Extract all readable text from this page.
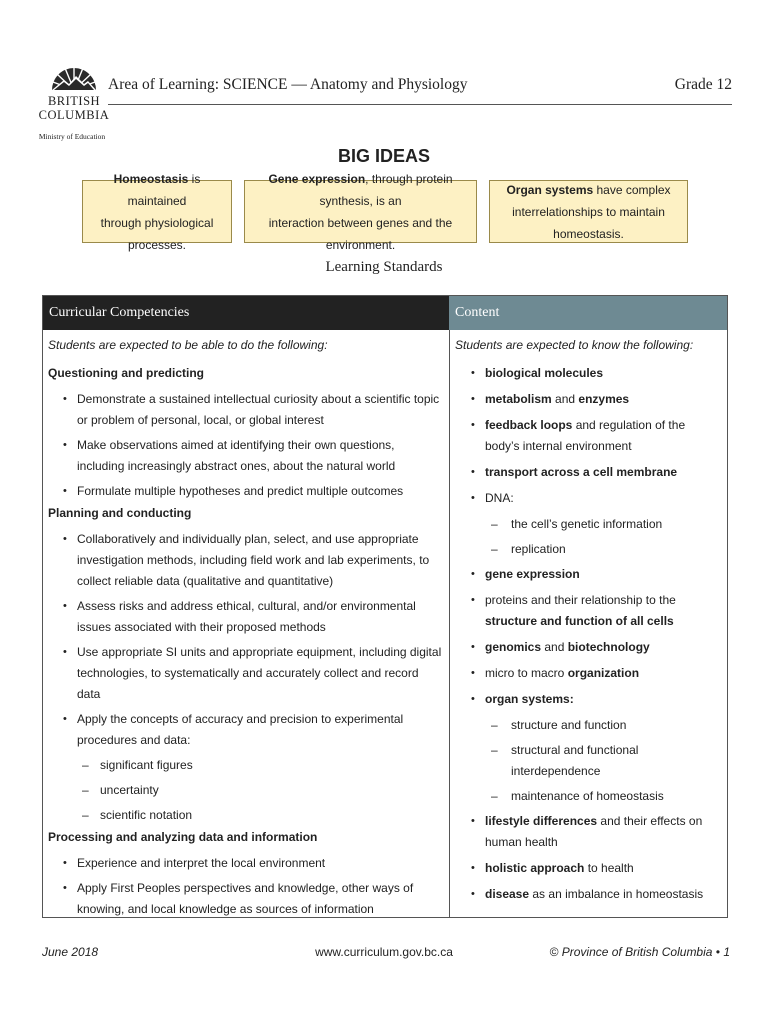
BRITISH
COLUMBIA
Ministry of Education
Area of Learning: SCIENCE — Anatomy and Physiology	Grade 12
BIG IDEAS
Homeostasis is maintained
through physiological processes.
Gene expression, through protein synthesis, is an
interaction between genes and the environment.
Organ systems have complex
interrelationships to maintain homeostasis.
Learning Standards
Curricular Competencies	Content
Students are expected to be able to do the following:
Questioning and predicting
• Demonstrate a sustained intellectual curiosity about a scientific topic or problem of personal, local, or global interest
• Make observations aimed at identifying their own questions, including increasingly abstract ones, about the natural world
• Formulate multiple hypotheses and predict multiple outcomes
Planning and conducting
• Collaboratively and individually plan, select, and use appropriate investigation methods, including field work and lab experiments, to collect reliable data (qualitative and quantitative)
• Assess risks and address ethical, cultural, and/or environmental issues associated with their proposed methods
• Use appropriate SI units and appropriate equipment, including digital technologies, to systematically and accurately collect and record data
• Apply the concepts of accuracy and precision to experimental procedures and data:
– significant figures
– uncertainty
– scientific notation
Processing and analyzing data and information
• Experience and interpret the local environment
• Apply First Peoples perspectives and knowledge, other ways of knowing, and local knowledge as sources of information
Students are expected to know the following:
• biological molecules
• metabolism and enzymes
• feedback loops and regulation of the body’s internal environment
• transport across a cell membrane
• DNA:
– the cell’s genetic information
– replication
• gene expression
• proteins and their relationship to the structure and function of all cells
• genomics and biotechnology
• micro to macro organization
• organ systems:
– structure and function
– structural and functional interdependence
– maintenance of homeostasis
• lifestyle differences and their effects on human health
• holistic approach to health
• disease as an imbalance in homeostasis
June 2018	www.curriculum.gov.bc.ca	© Province of British Columbia • 1
